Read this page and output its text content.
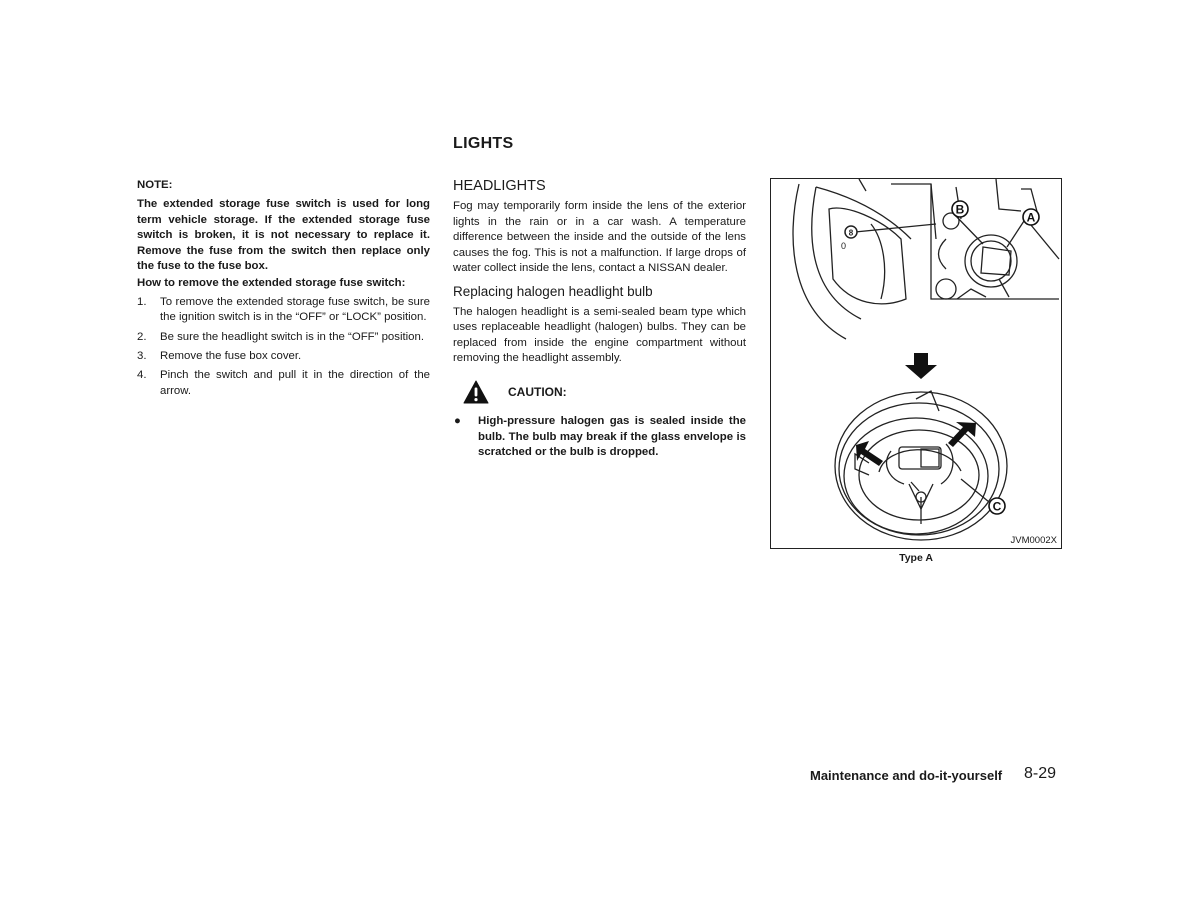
LIGHTS

NOTE:

The extended storage fuse switch is used for long term vehicle storage. If the extended storage fuse switch is broken, it is not necessary to replace it. Remove the fuse from the switch then replace only the fuse to the fuse box.

How to remove the extended storage fuse switch:

1.	To remove the extended storage fuse switch, be sure the ignition switch is in the “OFF” or “LOCK” position.
2.	Be sure the headlight switch is in the “OFF” position.
3.	Remove the fuse box cover.
4.	Pinch the switch and pull it in the direction of the arrow.

HEADLIGHTS

Fog may temporarily form inside the lens of the exterior lights in the rain or in a car wash. A temperature difference between the inside and the outside of the lens causes the fog. This is not a malfunction. If large drops of water collect inside the lens, contact a NISSAN dealer.

Replacing halogen headlight bulb

The halogen headlight is a semi-sealed beam type which uses replaceable headlight (halogen) bulbs. They can be replaced from inside the engine compartment without removing the headlight assembly.

CAUTION:
●	High-pressure halogen gas is sealed inside the bulb. The bulb may break if the glass envelope is scratched or the bulb is dropped.
8
0
B
A
C
JVM0002X
Type A
Maintenance and do-it-yourself 8-29
